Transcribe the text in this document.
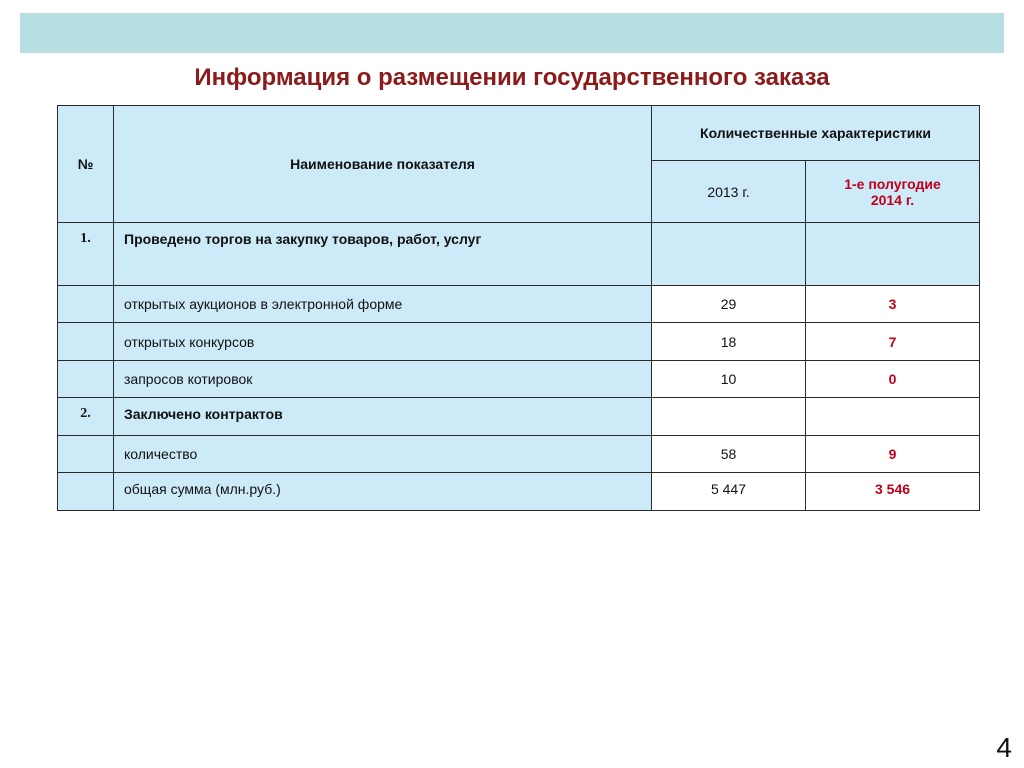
Информация о размещении государственного заказа
№	Наименование показателя	Количественные характеристики	
		2013 г.	1-е полугодие
2014 г.

1.	Проведено торгов на закупку товаров, работ, услуг		
	открытых аукционов в электронной форме	29	3
	открытых конкурсов	18	7
	запросов котировок	10	0
2.	Заключено контрактов		
	количество	58	9
	общая сумма (млн.руб.)	5 447	3 546
4
